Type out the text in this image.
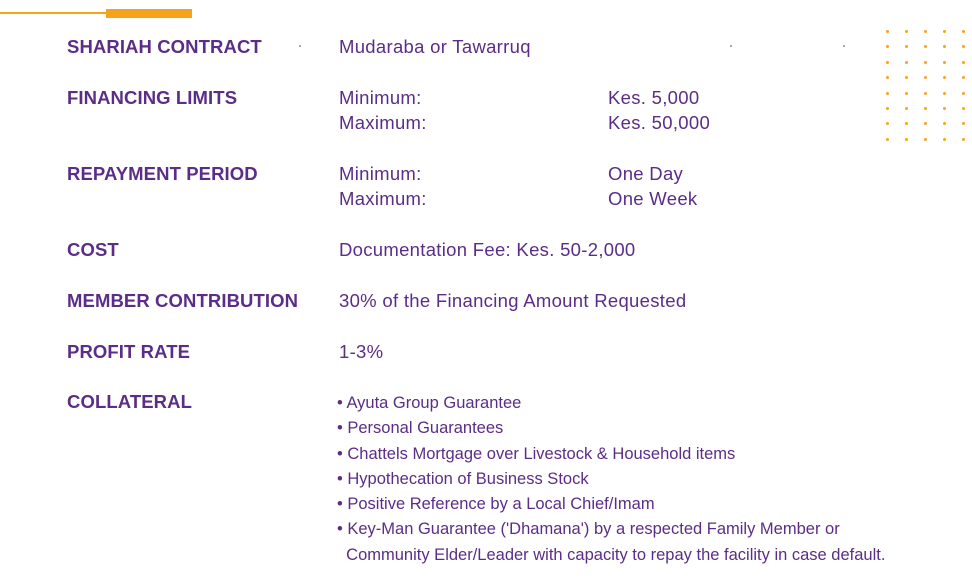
SHARIAH CONTRACT	Mudaraba or Tawarruq
FINANCING LIMITS	Minimum:	Kes. 5,000
Maximum:	Kes. 50,000
REPAYMENT PERIOD	Minimum:	One Day
Maximum:	One Week
COST	Documentation Fee: Kes. 50-2,000
MEMBER CONTRIBUTION 30% of the Financing Amount Requested
PROFIT RATE	1-3%
COLLATERAL	• Ayuta Group Guarantee
• Personal Guarantees
• Chattels Mortgage over Livestock & Household items
• Hypothecation of Business Stock
• Positive Reference by a Local Chief/Imam
• Key-Man Guarantee ('Dhamana') by a respected Family Member or
Community Elder/Leader with capacity to repay the facility in case default.
